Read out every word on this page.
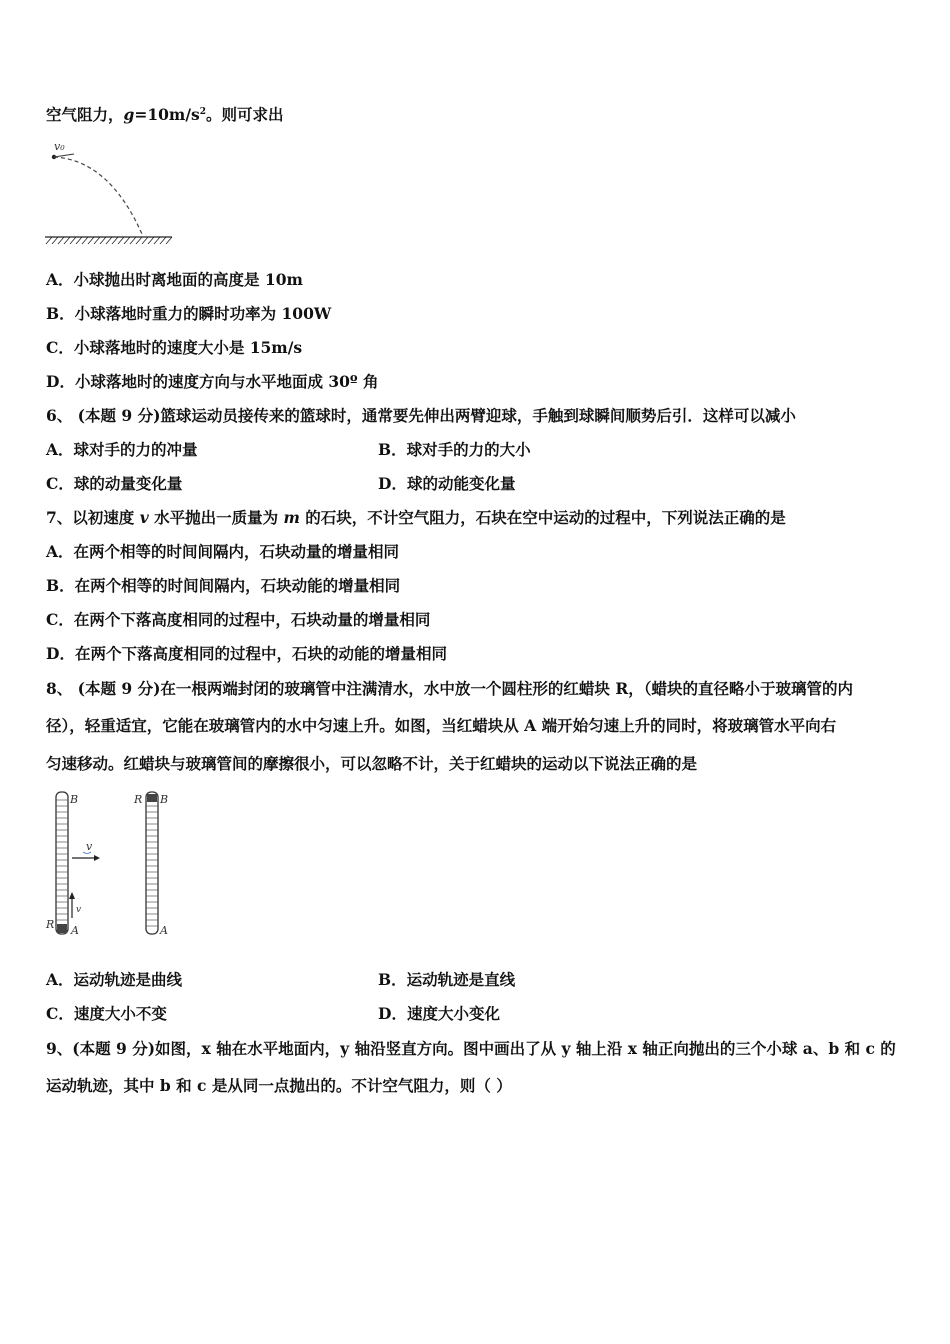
空气阻力，$g=10m/s^2$。则可求出
v₀
A．小球抛出时离地面的高度是 10m
B．小球落地时重力的瞬时功率为 100W
C．小球落地时的速度大小是 15m/s
D．小球落地时的速度方向与水平地面成 30º 角
6、 (本题 9 分)篮球运动员接传来的篮球时，通常要先伸出两臂迎球，手触到球瞬间顺势后引．这样可以减小
A．球对手的力的冲量	B．球对手的力的大小
C．球的动量变化量	D．球的动能变化量
7、以初速度 v 水平抛出一质量为 m 的石块，不计空气阻力，石块在空中运动的过程中，下列说法正确的是
A．在两个相等的时间间隔内，石块动量的增量相同
B．在两个相等的时间间隔内，石块动能的增量相同
C．在两个下落高度相同的过程中，石块动量的增量相同
D．在两个下落高度相同的过程中，石块的动能的增量相同
8、 (本题 9 分)在一根两端封闭的玻璃管中注满清水，水中放一个圆柱形的红蜡块 R，（蜡块的直径略小于玻璃管的内
径），轻重适宜，它能在玻璃管内的水中匀速上升。如图，当红蜡块从 A 端开始匀速上升的同时，将玻璃管水平向右
匀速移动。红蜡块与玻璃管间的摩擦很小，可以忽略不计，关于红蜡块的运动以下说法正确的是
v
B
A
R
v
B
R
A
A．运动轨迹是曲线	B．运动轨迹是直线
C．速度大小不变	D．速度大小变化
9、(本题 9 分)如图，x 轴在水平地面内，y 轴沿竖直方向。图中画出了从 y 轴上沿 x 轴正向抛出的三个小球 a、b 和 c 的
运动轨迹，其中 b 和 c 是从同一点抛出的。不计空气阻力，则（ ）
